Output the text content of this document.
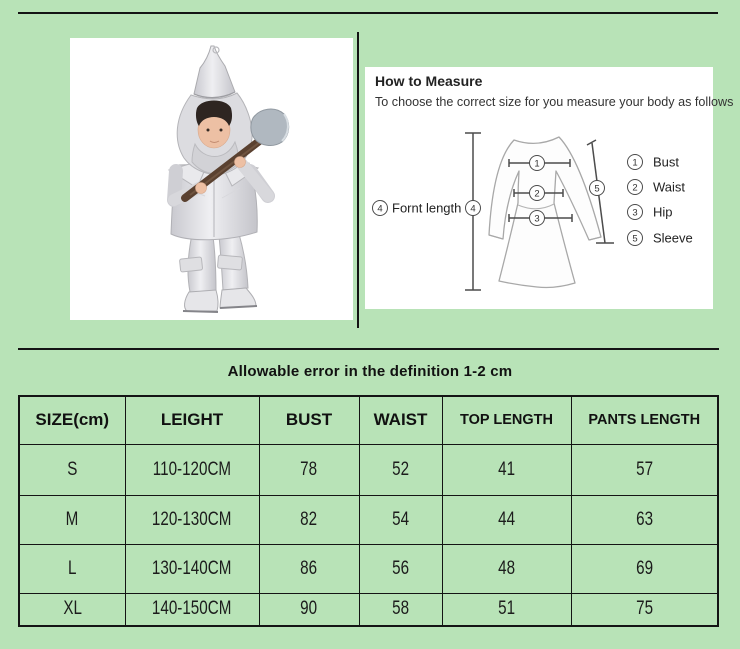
How to Measure
To choose the correct size for you measure your body as follows
1
2
3
4
5
4 Fornt length
1 Bust
2 Waist
3 Hip
5 Sleeve
Allowable error in the definition 1-2 cm
SIZE(cm)	LEIGHT	BUST	WAIST	TOP LENGTH	PANTS LENGTH
S	110-120CM	78	52	41	57
M	120-130CM	82	54	44	63
L	130-140CM	86	56	48	69
XL	140-150CM	90	58	51	75
